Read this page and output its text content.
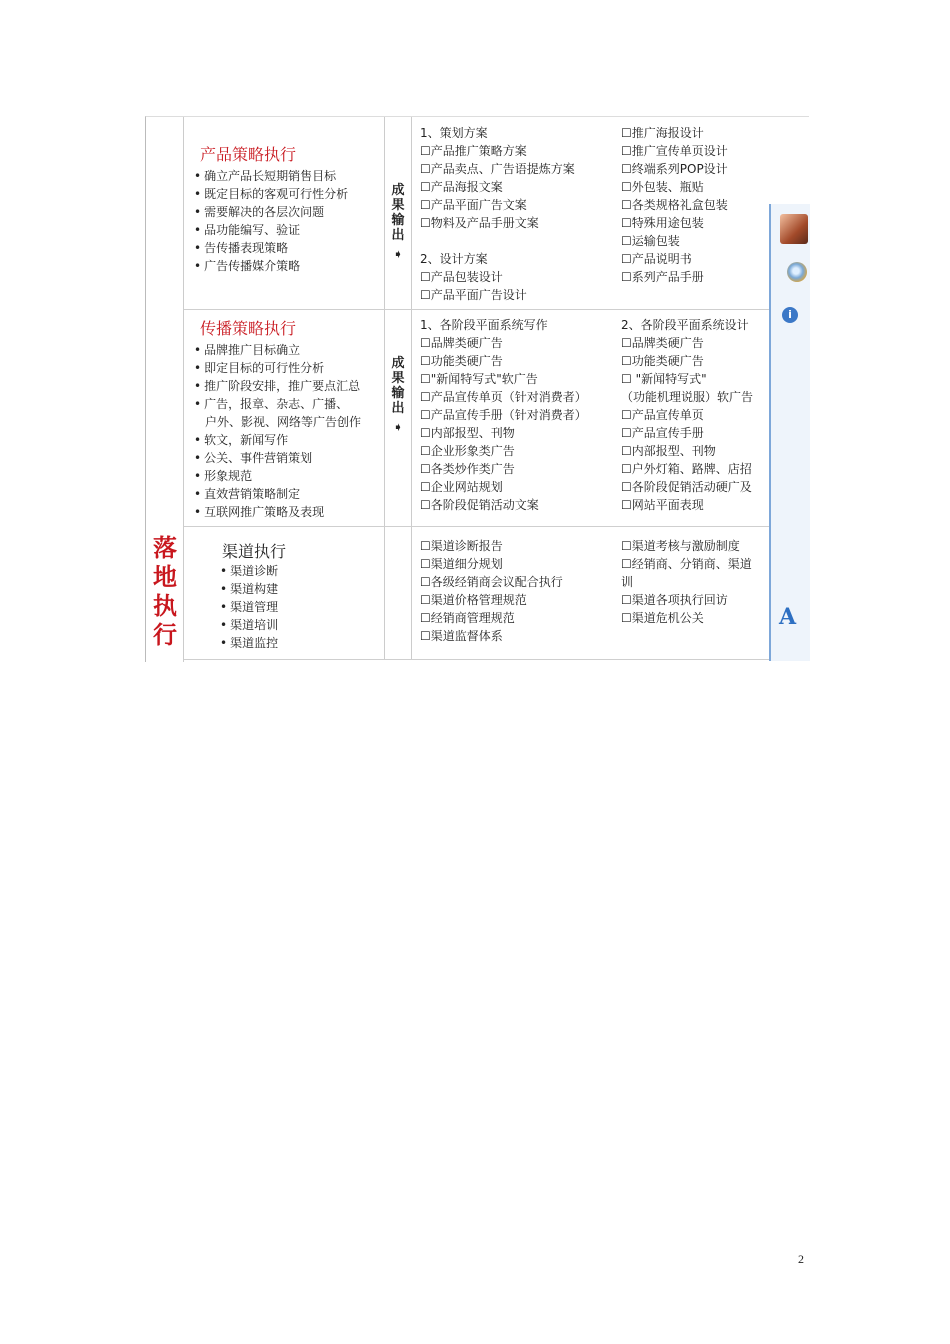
落地执行
产品策略执行
• 确立产品长短期销售目标
• 既定目标的客观可行性分析
• 需要解决的各层次问题
• 品功能编写、验证
• 告传播表现策略
• 广告传播媒介策略
成果输出
➧
1、策划方案
☐产品推广策略方案
☐产品卖点、广告语提炼方案
☐产品海报文案
☐产品平面广告文案
☐物料及产品手册文案
2、设计方案
☐产品包装设计
☐产品平面广告设计
☐推广海报设计
☐推广宣传单页设计
☐终端系列POP设计
☐外包装、瓶贴
☐各类规格礼盒包装
☐特殊用途包装
☐运输包装
☐产品说明书
☐系列产品手册
传播策略执行
• 品牌推广目标确立
• 即定目标的可行性分析
• 推广阶段安排，推广要点汇总
• 广告，报章、杂志、广播、
户外、影视、网络等广告创作
• 软文，新闻写作
• 公关、事件营销策划
• 形象规范
• 直效营销策略制定
• 互联网推广策略及表现
成果输出
➧
1、各阶段平面系统写作
☐品牌类硬广告
☐功能类硬广告
☐"新闻特写式"软广告
☐产品宣传单页（针对消费者）
☐产品宣传手册（针对消费者）
☐内部报型、刊物
☐企业形象类广告
☐各类炒作类广告
☐企业网站规划
☐各阶段促销活动文案
2、各阶段平面系统设计
☐品牌类硬广告
☐功能类硬广告
☐ "新闻特写式"
（功能机理说服）软广告
☐产品宣传单页
☐产品宣传手册
☐内部报型、刊物
☐户外灯箱、路牌、店招
☐各阶段促销活动硬广及
☐网站平面表现
渠道执行
• 渠道诊断
• 渠道构建
• 渠道管理
• 渠道培训
• 渠道监控
☐渠道诊断报告
☐渠道细分规划
☐各级经销商会议配合执行
☐渠道价格管理规范
☐经销商管理规范
☐渠道监督体系
☐渠道考核与激励制度
☐经销商、分销商、渠道
训
☐渠道各项执行回访
☐渠道危机公关
i
A
2
